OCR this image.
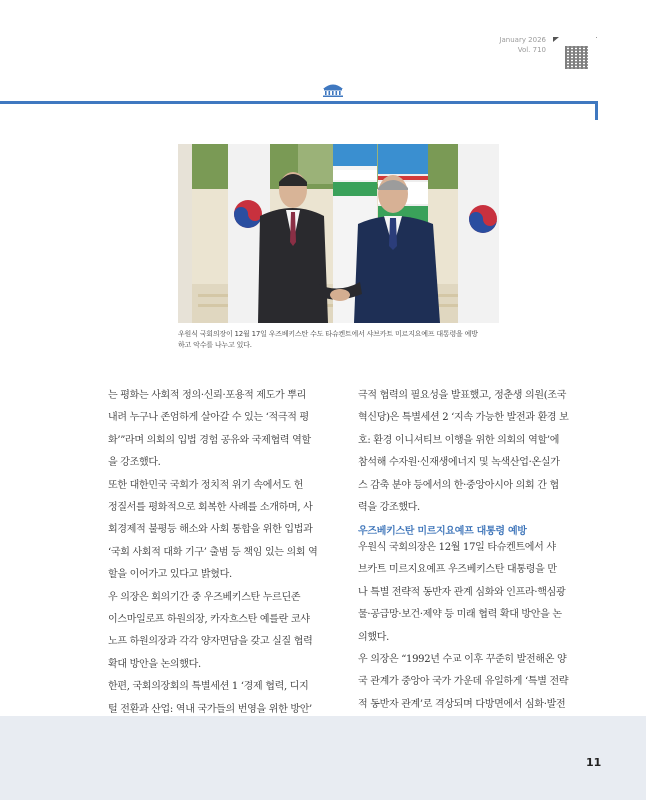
January 2026
Vol. 710
우원식 국회의장이 12월 17일 우즈베키스탄 수도 타슈켄트에서 샤브카트 미르지요예프 대통령을 예방
하고 악수를 나누고 있다.

는 평화는 사회적 정의·신뢰·포용적 제도가 뿌리

내려 누구나 존엄하게 살아갈 수 있는 ‘적극적 평

화’”라며 의회의 입법 경험 공유와 국제협력 역할

을 강조했다.

또한 대한민국 국회가 정치적 위기 속에서도 헌

정질서를 평화적으로 회복한 사례를 소개하며, 사

회경제적 불평등 해소와 사회 통합을 위한 입법과

‘국회 사회적 대화 기구’ 출범 등 책임 있는 의회 역

할을 이어가고 있다고 밝혔다.

우 의장은 회의기간 중 우즈베키스탄 누르딘존

이스마일로프 하원의장, 카자흐스탄 예를란 코샤

노프 하원의장과 각각 양자면담을 갖고 실질 협력

확대 방안을 논의했다.

한편, 국회의장회의 특별세션 1 ‘경제 협력, 디지

털 전환과 산업: 역내 국가들의 번영을 위한 방안’

극적 협력의 필요성을 발표했고, 정춘생 의원(조국

혁신당)은 특별세션 2 ‘지속 가능한 발전과 환경 보

호: 환경 이니셔티브 이행을 위한 의회의 역할’에

참석해 수자원·신재생에너지 및 녹색산업·온실가

스 감축 분야 등에서의 한·중앙아시아 의회 간 협

력을 강조했다.

우즈베키스탄 미르지요예프 대통령 예방

우원식 국회의장은 12월 17일 타슈켄트에서 샤

브카트 미르지요예프 우즈베키스탄 대통령을 만

나 특별 전략적 동반자 관계 심화와 인프라·핵심광

물·공급망·보건·제약 등 미래 협력 확대 방안을 논

의했다.

우 의장은 “1992년 수교 이후 꾸준히 발전해온 양

국 관계가 중앙아 국가 가운데 유일하게 ‘특별 전략

적 동반자 관계’로 격상되며 다방면에서 심화·발전

11
